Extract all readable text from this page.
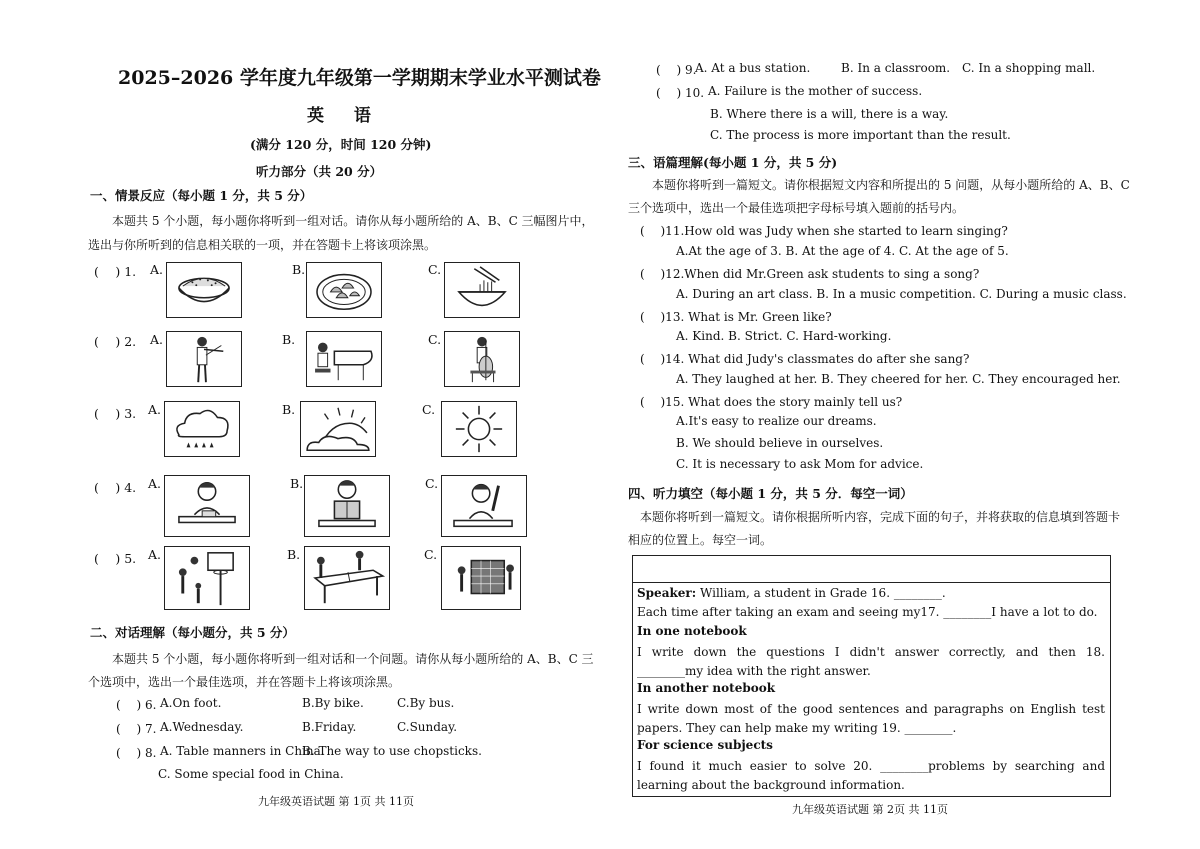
2025–2026 学年度九年级第一学期期末学业水平测试卷
英 语
(满分 120 分，时间 120 分钟)
听力部分（共 20 分）
一、情景反应（每小题 1 分，共 5 分）
本题共 5 个小题，每小题你将听到一组对话。请你从每小题所给的 A、B、C 三幅图片中，
选出与你所听到的信息相关联的一项，并在答题卡上将该项涂黑。
(　 ) 1. A.	B.	C.
(　 ) 2. A.	B.	C.
(　 ) 3. A.	B.	C.
(　 ) 4. A.	B.	C.
(　 ) 5. A.	B.	C.
二、对话理解（每小题分，共 5 分）
本题共 5 个小题，每小题你将听到一组对话和一个问题。请你从每小题所给的 A、B、C 三
个选项中，选出一个最佳选项，并在答题卡上将该项涂黑。
(　 ) 6. A.On foot.	B.By bike.	C.By bus.
(　 ) 7. A.Wednesday.	B.Friday.	C.Sunday.
(　 ) 8. A. Table manners in China.
B. The way to use chopsticks.
C. Some special food in China.
九年级英语试题 第 1页 共 11页
(　 ) 9.
A. At a bus station.	B. In a classroom. C. In a shopping mall.
(　 ) 10. A. Failure is the mother of success.
B. Where there is a will, there is a way.
C. The process is more important than the result.
三、语篇理解(每小题 1 分，共 5 分)
本题你将听到一篇短文。请你根据短文内容和所提出的 5 问题，从每小题所给的 A、B、C
三个选项中，选出一个最佳选项把字母标号填入题前的括号内。
(　 )11.How old was Judy when she started to learn singing?
A.At the age of 3. B. At the age of 4. C. At the age of 5.
(　 )12.When did Mr.Green ask students to sing a song?
A. During an art class. B. In a music competition. C. During a music class.
(　 )13. What is Mr. Green like?
A. Kind. B. Strict. C. Hard-working.
(　 )14. What did Judy's classmates do after she sang?
A. They laughed at her. B. They cheered for her. C. They encouraged her.
(　 )15. What does the story mainly tell us?
A.It's easy to realize our dreams.
B. We should believe in ourselves.
C. It is necessary to ask Mom for advice.
四、听力填空（每小题 1 分，共 5 分．每空一词）
本题你将听到一篇短文。请你根据所听内容，完成下面的句子，并将获取的信息填到答题卡
相应的位置上。每空一词。
Speaker: William, a student in Grade 16. ________.
Each time after taking an exam and seeing my17. ________I have a lot to do.
In one notebook
I write down the questions I didn't answer correctly, and then 18. ________my idea with the right answer.
In another notebook
I write down most of the good sentences and paragraphs on English test papers. They can help make my writing 19. ________.
For science subjects
I found it much easier to solve 20. ________problems by searching and learning about the background information.
九年级英语试题 第 2页 共 11页
